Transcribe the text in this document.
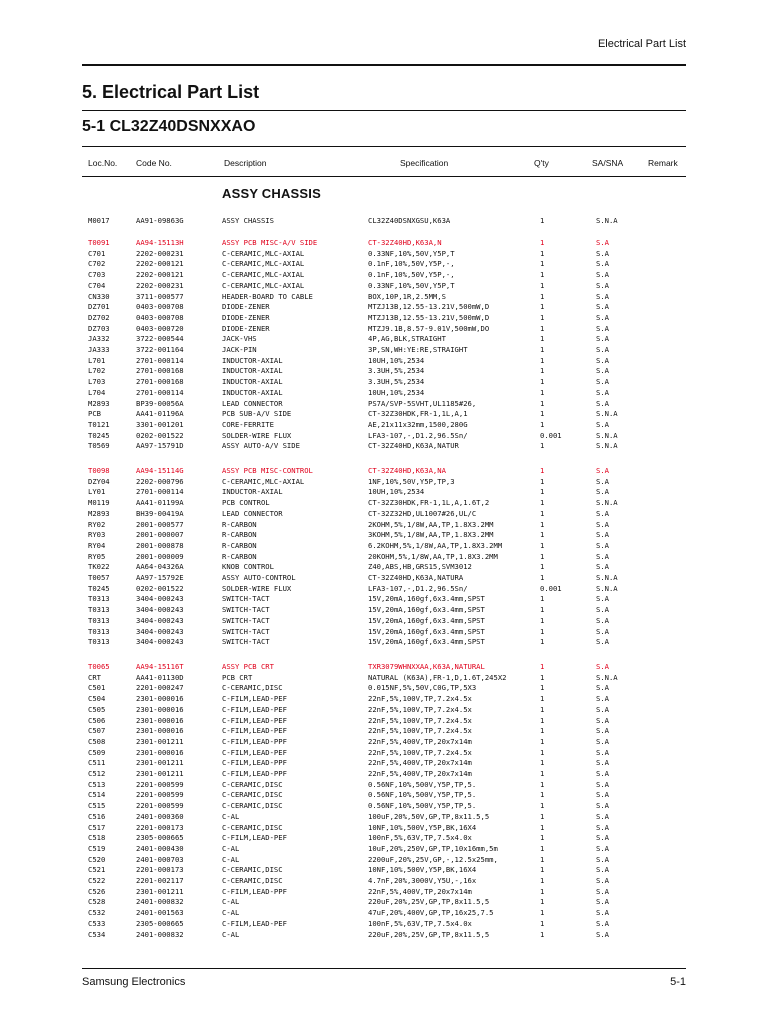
Electrical Part List
5. Electrical Part List
5-1 CL32Z40DSNXXAO
Loc.No. Code No.	Description	Specification	Q'ty	SA/SNA	Remark
ASSY CHASSIS
M0017	AA91-09863G	ASSY CHASSIS	CL32Z40DSNXGSU,K63A	1	S.N.A
T0091	AA94-15113H	ASSY PCB MISC-A/V SIDE	CT-32Z40HD,K63A,N	1	S.A
C701	2202-000231	C-CERAMIC,MLC-AXIAL	0.33NF,10%,50V,Y5P,T	1	S.A
C702	2202-000121	C-CERAMIC,MLC-AXIAL	0.1nF,10%,50V,Y5P,-,	1	S.A
C703	2202-000121	C-CERAMIC,MLC-AXIAL	0.1nF,10%,50V,Y5P,-,	1	S.A
C704	2202-000231	C-CERAMIC,MLC-AXIAL	0.33NF,10%,50V,Y5P,T	1	S.A
CN330	3711-000577	HEADER-BOARD TO CABLE	BOX,10P,1R,2.5MM,S	1	S.A
DZ701	0403-000708	DIODE-ZENER	MTZJ13B,12.55-13.21V,500mW,D	1	S.A
DZ702	0403-000708	DIODE-ZENER	MTZJ13B,12.55-13.21V,500mW,D	1	S.A
DZ703	0403-000720	DIODE-ZENER	MTZJ9.1B,8.57-9.01V,500mW,DO	1	S.A
JA332	3722-000544	JACK-VHS	4P,AG,BLK,STRAIGHT	1	S.A
JA333	3722-001164	JACK-PIN	3P,SN,WH:YE:RE,STRAIGHT	1	S.A
L701	2701-000114	INDUCTOR-AXIAL	10UH,10%,2534	1	S.A
L702	2701-000168	INDUCTOR-AXIAL	3.3UH,5%,2534	1	S.A
L703	2701-000168	INDUCTOR-AXIAL	3.3UH,5%,2534	1	S.A
L704	2701-000114	INDUCTOR-AXIAL	10UH,10%,2534	1	S.A
M2893	BP39-00056A	LEAD CONNECTOR	PS7A/SVP-5SVHT,UL1185#26,	1	S.A
PCB	AA41-01196A	PCB SUB-A/V SIDE	CT-32Z30HDK,FR-1,1L,A,1	1	S.N.A
T0121	3301-001201	CORE-FERRITE	AE,21x11x32mm,1500,280G	1	S.A
T0245	0202-001522	SOLDER-WIRE FLUX	LFA3-107,-,D1.2,96.5Sn/	0.001	S.N.A
T0569	AA97-15791D	ASSY AUTO-A/V SIDE	CT-32Z40HD,K63A,NATUR	1	S.N.A
T0098	AA94-15114G	ASSY PCB MISC-CONTROL	CT-32Z40HD,K63A,NA	1	S.A
DZY04	2202-000796	C-CERAMIC,MLC-AXIAL	1NF,10%,50V,Y5P,TP,3	1	S.A
LY01	2701-000114	INDUCTOR-AXIAL	10UH,10%,2534	1	S.A
M0119	AA41-01199A	PCB CONTROL	CT-32Z30HDK,FR-1,1L,A,1.6T,2	1	S.N.A
M2893	BH39-00419A	LEAD CONNECTOR	CT-32Z32HD,UL1007#26,UL/C	1	S.A
RY02	2001-000577	R-CARBON	2KOHM,5%,1/8W,AA,TP,1.8X3.2MM	1	S.A
RY03	2001-000007	R-CARBON	3KOHM,5%,1/8W,AA,TP,1.8X3.2MM	1	S.A
RY04	2001-000878	R-CARBON	6.2KOHM,5%,1/8W,AA,TP,1.8X3.2MM	1	S.A
RY05	2001-000009	R-CARBON	20KOHM,5%,1/8W,AA,TP,1.8X3.2MM	1	S.A
TK022	AA64-04326A	KNOB CONTROL	Z40,ABS,HB,GRS15,SVM3012	1	S.A
T0057	AA97-15792E	ASSY AUTO-CONTROL	CT-32Z40HD,K63A,NATURA	1	S.N.A
T0245	0202-001522	SOLDER-WIRE FLUX	LFA3-107,-,D1.2,96.5Sn/	0.001	S.N.A
T0313	3404-000243	SWITCH-TACT	15V,20mA,160gf,6x3.4mm,SPST	1	S.A
T0313	3404-000243	SWITCH-TACT	15V,20mA,160gf,6x3.4mm,SPST	1	S.A
T0313	3404-000243	SWITCH-TACT	15V,20mA,160gf,6x3.4mm,SPST	1	S.A
T0313	3404-000243	SWITCH-TACT	15V,20mA,160gf,6x3.4mm,SPST	1	S.A
T0313	3404-000243	SWITCH-TACT	15V,20mA,160gf,6x3.4mm,SPST	1	S.A
T0065	AA94-15116T	ASSY PCB CRT	TXR3079WHNXXAA,K63A,NATURAL	1	S.A
CRT	AA41-01130D	PCB CRT	NATURAL (K63A),FR-1,D,1.6T,245X2	1	S.N.A
C501	2201-000247	C-CERAMIC,DISC	0.015NF,5%,50V,C0G,TP,5X3	1	S.A
C504	2301-000016	C-FILM,LEAD-PEF	22nF,5%,100V,TP,7.2x4.5x	1	S.A
C505	2301-000016	C-FILM,LEAD-PEF	22nF,5%,100V,TP,7.2x4.5x	1	S.A
C506	2301-000016	C-FILM,LEAD-PEF	22nF,5%,100V,TP,7.2x4.5x	1	S.A
C507	2301-000016	C-FILM,LEAD-PEF	22nF,5%,100V,TP,7.2x4.5x	1	S.A
C508	2301-001211	C-FILM,LEAD-PPF	22nF,5%,400V,TP,20x7x14m	1	S.A
C509	2301-000016	C-FILM,LEAD-PEF	22nF,5%,100V,TP,7.2x4.5x	1	S.A
C511	2301-001211	C-FILM,LEAD-PPF	22nF,5%,400V,TP,20x7x14m	1	S.A
C512	2301-001211	C-FILM,LEAD-PPF	22nF,5%,400V,TP,20x7x14m	1	S.A
C513	2201-000599	C-CERAMIC,DISC	0.56NF,10%,500V,Y5P,TP,5.	1	S.A
C514	2201-000599	C-CERAMIC,DISC	0.56NF,10%,500V,Y5P,TP,5.	1	S.A
C515	2201-000599	C-CERAMIC,DISC	0.56NF,10%,500V,Y5P,TP,5.	1	S.A
C516	2401-000360	C-AL	100uF,20%,50V,GP,TP,8x11.5,5	1	S.A
C517	2201-000173	C-CERAMIC,DISC	10NF,10%,500V,Y5P,BK,16X4	1	S.A
C518	2305-000665	C-FILM,LEAD-PEF	100nF,5%,63V,TP,7.5x4.0x	1	S.A
C519	2401-000430	C-AL	10uF,20%,250V,GP,TP,10x16mm,5m	1	S.A
C520	2401-000703	C-AL	2200uF,20%,25V,GP,-,12.5x25mm,	1	S.A
C521	2201-000173	C-CERAMIC,DISC	10NF,10%,500V,Y5P,BK,16X4	1	S.A
C522	2201-002117	C-CERAMIC,DISC	4.7nF,20%,3000V,Y5U,-,16x	1	S.A
C526	2301-001211	C-FILM,LEAD-PPF	22nF,5%,400V,TP,20x7x14m	1	S.A
C528	2401-000832	C-AL	220uF,20%,25V,GP,TP,8x11.5,5	1	S.A
C532	2401-001563	C-AL	47uF,20%,400V,GP,TP,16x25,7.5	1	S.A
C533	2305-000665	C-FILM,LEAD-PEF	100nF,5%,63V,TP,7.5x4.0x	1	S.A
C534	2401-000832	C-AL	220uF,20%,25V,GP,TP,8x11.5,5	1	S.A
Samsung Electronics	5-1
